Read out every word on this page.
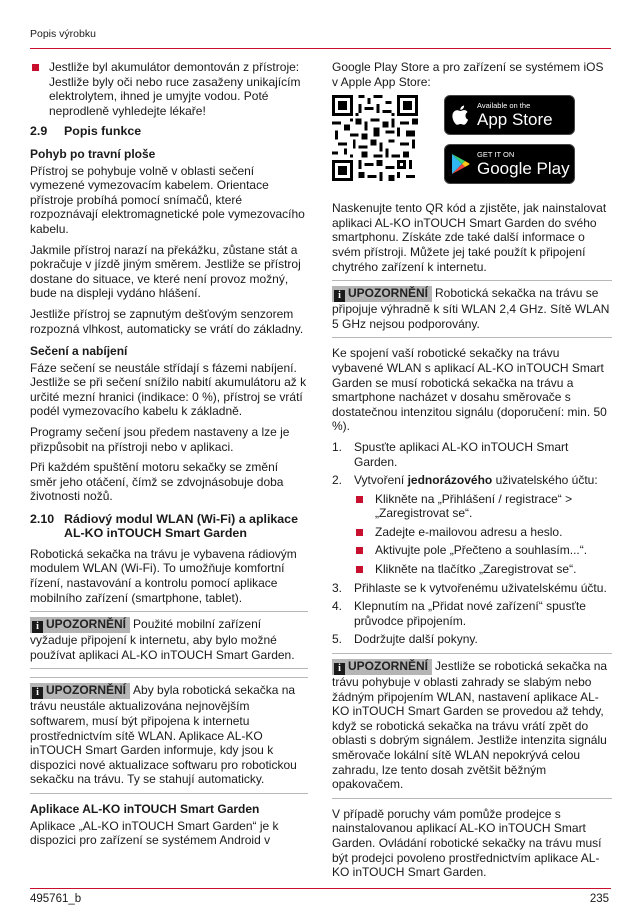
Popis výrobku
Jestliže byl akumulátor demontován z přístroje: Jestliže byly oči nebo ruce zasaženy unikajícím elektrolytem, ihned je umyjte vodou. Poté neprodleně vyhledejte lékaře!
2.9 Popis funkce
Pohyb po travní ploše

Přístroj se pohybuje volně v oblasti sečení vymezené vymezovacím kabelem. Orientace přístroje probíhá pomocí snímačů, které rozpoznávají elektromagnetické pole vymezovacího kabelu.

Jakmile přístroj narazí na překážku, zůstane stát a pokračuje v jízdě jiným směrem. Jestliže se přístroj dostane do situace, ve které není provoz možný, bude na displeji vydáno hlášení.

Jestliže přístroj se zapnutým dešťovým senzorem rozpozná vlhkost, automaticky se vrátí do základny.

Sečení a nabíjení

Fáze sečení se neustále střídají s fázemi nabíjení. Jestliže se při sečení snížilo nabití akumulátoru až k určité mezní hranici (indikace: 0 %), přístroj se vrátí podél vymezovacího kabelu k základně.

Programy sečení jsou předem nastaveny a lze je přizpůsobit na přístroji nebo v aplikaci.

Při každém spuštění motoru sekačky se změní směr jeho otáčení, čímž se zdvojnásobuje doba životnosti nožů.

2.10 Rádiový modul WLAN (Wi-Fi) a aplikace AL-KO inTOUCH Smart Garden

Robotická sekačka na trávu je vybavena rádiovým modulem WLAN (Wi-Fi). To umožňuje komfortní řízení, nastavování a kontrolu pomocí aplikace mobilního zařízení (smartphone, tablet).

i UPOZORNĚNÍ Použité mobilní zařízení vyžaduje připojení k internetu, aby bylo možné používat aplikaci AL-KO inTOUCH Smart Garden.
i UPOZORNĚNÍ Aby byla robotická sekačka na trávu neustále aktualizována nejnovějším softwarem, musí být připojena k internetu prostřednictvím sítě WLAN. Aplikace AL-KO inTOUCH Smart Garden informuje, kdy jsou k dispozici nové aktualizace softwaru pro robotickou sekačku na trávu. Ty se stahují automaticky.
Aplikace AL-KO inTOUCH Smart Garden

Aplikace „AL-KO inTOUCH Smart Garden“ je k dispozici pro zařízení se systémem Android v

Google Play Store a pro zařízení se systémem iOS v Apple App Store:

Available on the
App Store
GET IT ON
Google Play

Naskenujte tento QR kód a zjistěte, jak nainstalovat aplikaci AL-KO inTOUCH Smart Garden do svého smartphonu. Získáte zde také další informace o svém přístroji. Můžete jej také použít k připojení chytrého zařízení k internetu.

i UPOZORNĚNÍ Robotická sekačka na trávu se připojuje výhradně k síti WLAN 2,4 GHz. Sítě WLAN 5 GHz nejsou podporovány.

Ke spojení vaší robotické sekačky na trávu vybavené WLAN s aplikací AL-KO inTOUCH Smart Garden se musí robotická sekačka na trávu a smartphone nacházet v dosahu směrovače s dostatečnou intenzitou signálu (doporučení: min. 50 %).

1. Spusťte aplikaci AL-KO inTOUCH Smart Garden.
2. Vytvoření jednorázového uživatelského účtu:
Klikněte na „Přihlášení / registrace“ > „Zaregistrovat se“.
Zadejte e-mailovou adresu a heslo.
Aktivujte pole „Přečteno a souhlasím...“.
Klikněte na tlačítko „Zaregistrovat se“.
3. Přihlaste se k vytvořenému uživatelskému účtu.
4. Klepnutím na „Přidat nové zařízení“ spusťte průvodce připojením.
5. Dodržujte další pokyny.
i UPOZORNĚNÍ Jestliže se robotická sekačka na trávu pohybuje v oblasti zahrady se slabým nebo žádným připojením WLAN, nastavení aplikace AL-KO inTOUCH Smart Garden se provedou až tehdy, když se robotická sekačka na trávu vrátí zpět do oblasti s dobrým signálem. Jestliže intenzita signálu směrovače lokální sítě WLAN nepokrývá celou zahradu, lze tento dosah zvětšit běžným opakovačem.

V případě poruchy vám pomůže prodejce s nainstalovanou aplikací AL-KO inTOUCH Smart Garden. Ovládání robotické sekačky na trávu musí být prodejci povoleno prostřednictvím aplikace AL-KO inTOUCH Smart Garden.

495761_b	235
